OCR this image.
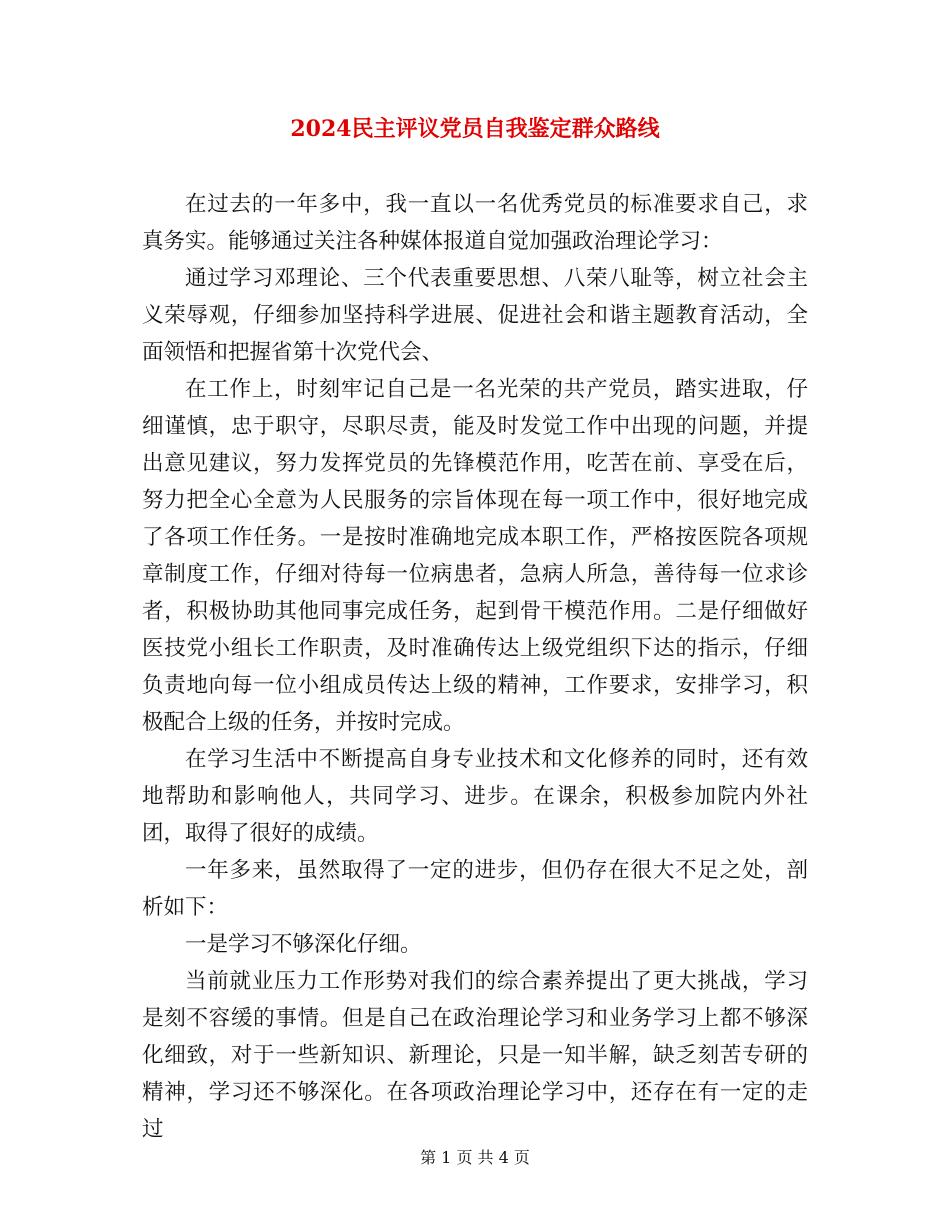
2024民主评议党员自我鉴定群众路线

在过去的一年多中，我一直以一名优秀党员的标准要求自己，求真务实。能够通过关注各种媒体报道自觉加强政治理论学习：

通过学习邓理论、三个代表重要思想、八荣八耻等，树立社会主义荣辱观，仔细参加坚持科学进展、促进社会和谐主题教育活动，全面领悟和把握省第十次党代会、

在工作上，时刻牢记自己是一名光荣的共产党员，踏实进取，仔细谨慎，忠于职守，尽职尽责，能及时发觉工作中出现的问题，并提出意见建议，努力发挥党员的先锋模范作用，吃苦在前、享受在后，努力把全心全意为人民服务的宗旨体现在每一项工作中，很好地完成了各项工作任务。一是按时准确地完成本职工作，严格按医院各项规章制度工作，仔细对待每一位病患者，急病人所急，善待每一位求诊者，积极协助其他同事完成任务，起到骨干模范作用。二是仔细做好医技党小组长工作职责，及时准确传达上级党组织下达的指示，仔细负责地向每一位小组成员传达上级的精神，工作要求，安排学习，积极配合上级的任务，并按时完成。

在学习生活中不断提高自身专业技术和文化修养的同时，还有效地帮助和影响他人，共同学习、进步。在课余，积极参加院内外社团，取得了很好的成绩。

一年多来，虽然取得了一定的进步，但仍存在很大不足之处，剖析如下：

一是学习不够深化仔细。

当前就业压力工作形势对我们的综合素养提出了更大挑战，学习是刻不容缓的事情。但是自己在政治理论学习和业务学习上都不够深化细致，对于一些新知识、新理论，只是一知半解，缺乏刻苦专研的精神，学习还不够深化。在各项政治理论学习中，还存在有一定的走过

第 1 页 共 4 页
